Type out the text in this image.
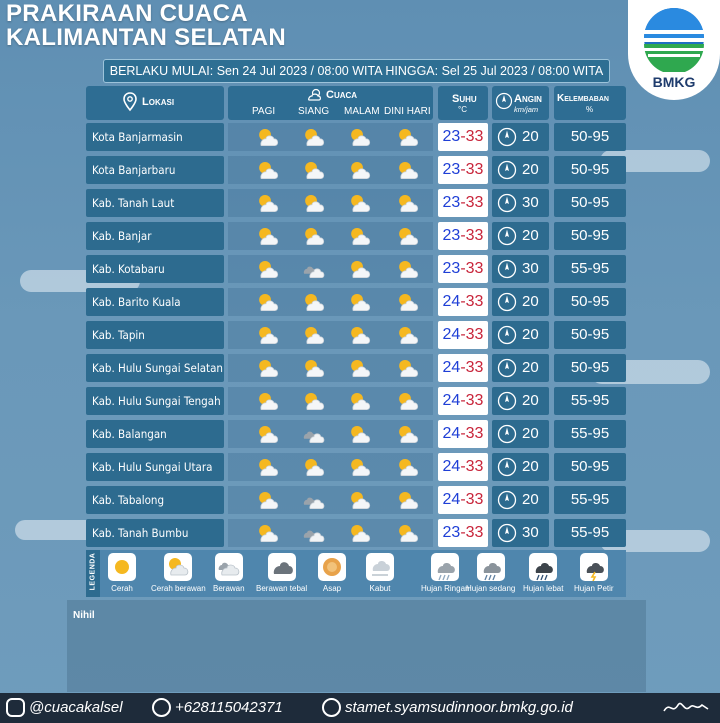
PRAKIRAAN CUACA
KALIMANTAN SELATAN
BMKG
BERLAKU MULAI: Sen 24 Jul 2023 / 08:00 WITA HINGGA: Sel 25 Jul 2023 / 08:00 WITA
Lokasi
Cuaca
PAGI SIANG MALAM DINI HARI
Suhu
°C
Angin
km/jam
Kelembaban
%
Kota Banjarmasin	23-33	20	50-95
Kota Banjarbaru	23-33	20	50-95
Kab. Tanah Laut	23-33	30	50-95
Kab. Banjar	23-33	20	50-95
Kab. Kotabaru	23-33	30	55-95
Kab. Barito Kuala	24-33	20	50-95
Kab. Tapin	24-33	20	50-95
Kab. Hulu Sungai Selatan	24-33	20	50-95
Kab. Hulu Sungai Tengah	24-33	20	55-95
Kab. Balangan	24-33	20	55-95
Kab. Hulu Sungai Utara	24-33	20	50-95
Kab. Tabalong	24-33	20	55-95
Kab. Tanah Bumbu	23-33	30	55-95
LEGENDA	Cerah	Cerah berawan Berawan Berawan tebal	Asap	Kabut	Hujan Ringan
Hujan sedang Hujan lebat Hujan Petir
Nihil
@cuacakalsel	+628115042371	stamet.syamsudinnoor.bmkg.go.id
